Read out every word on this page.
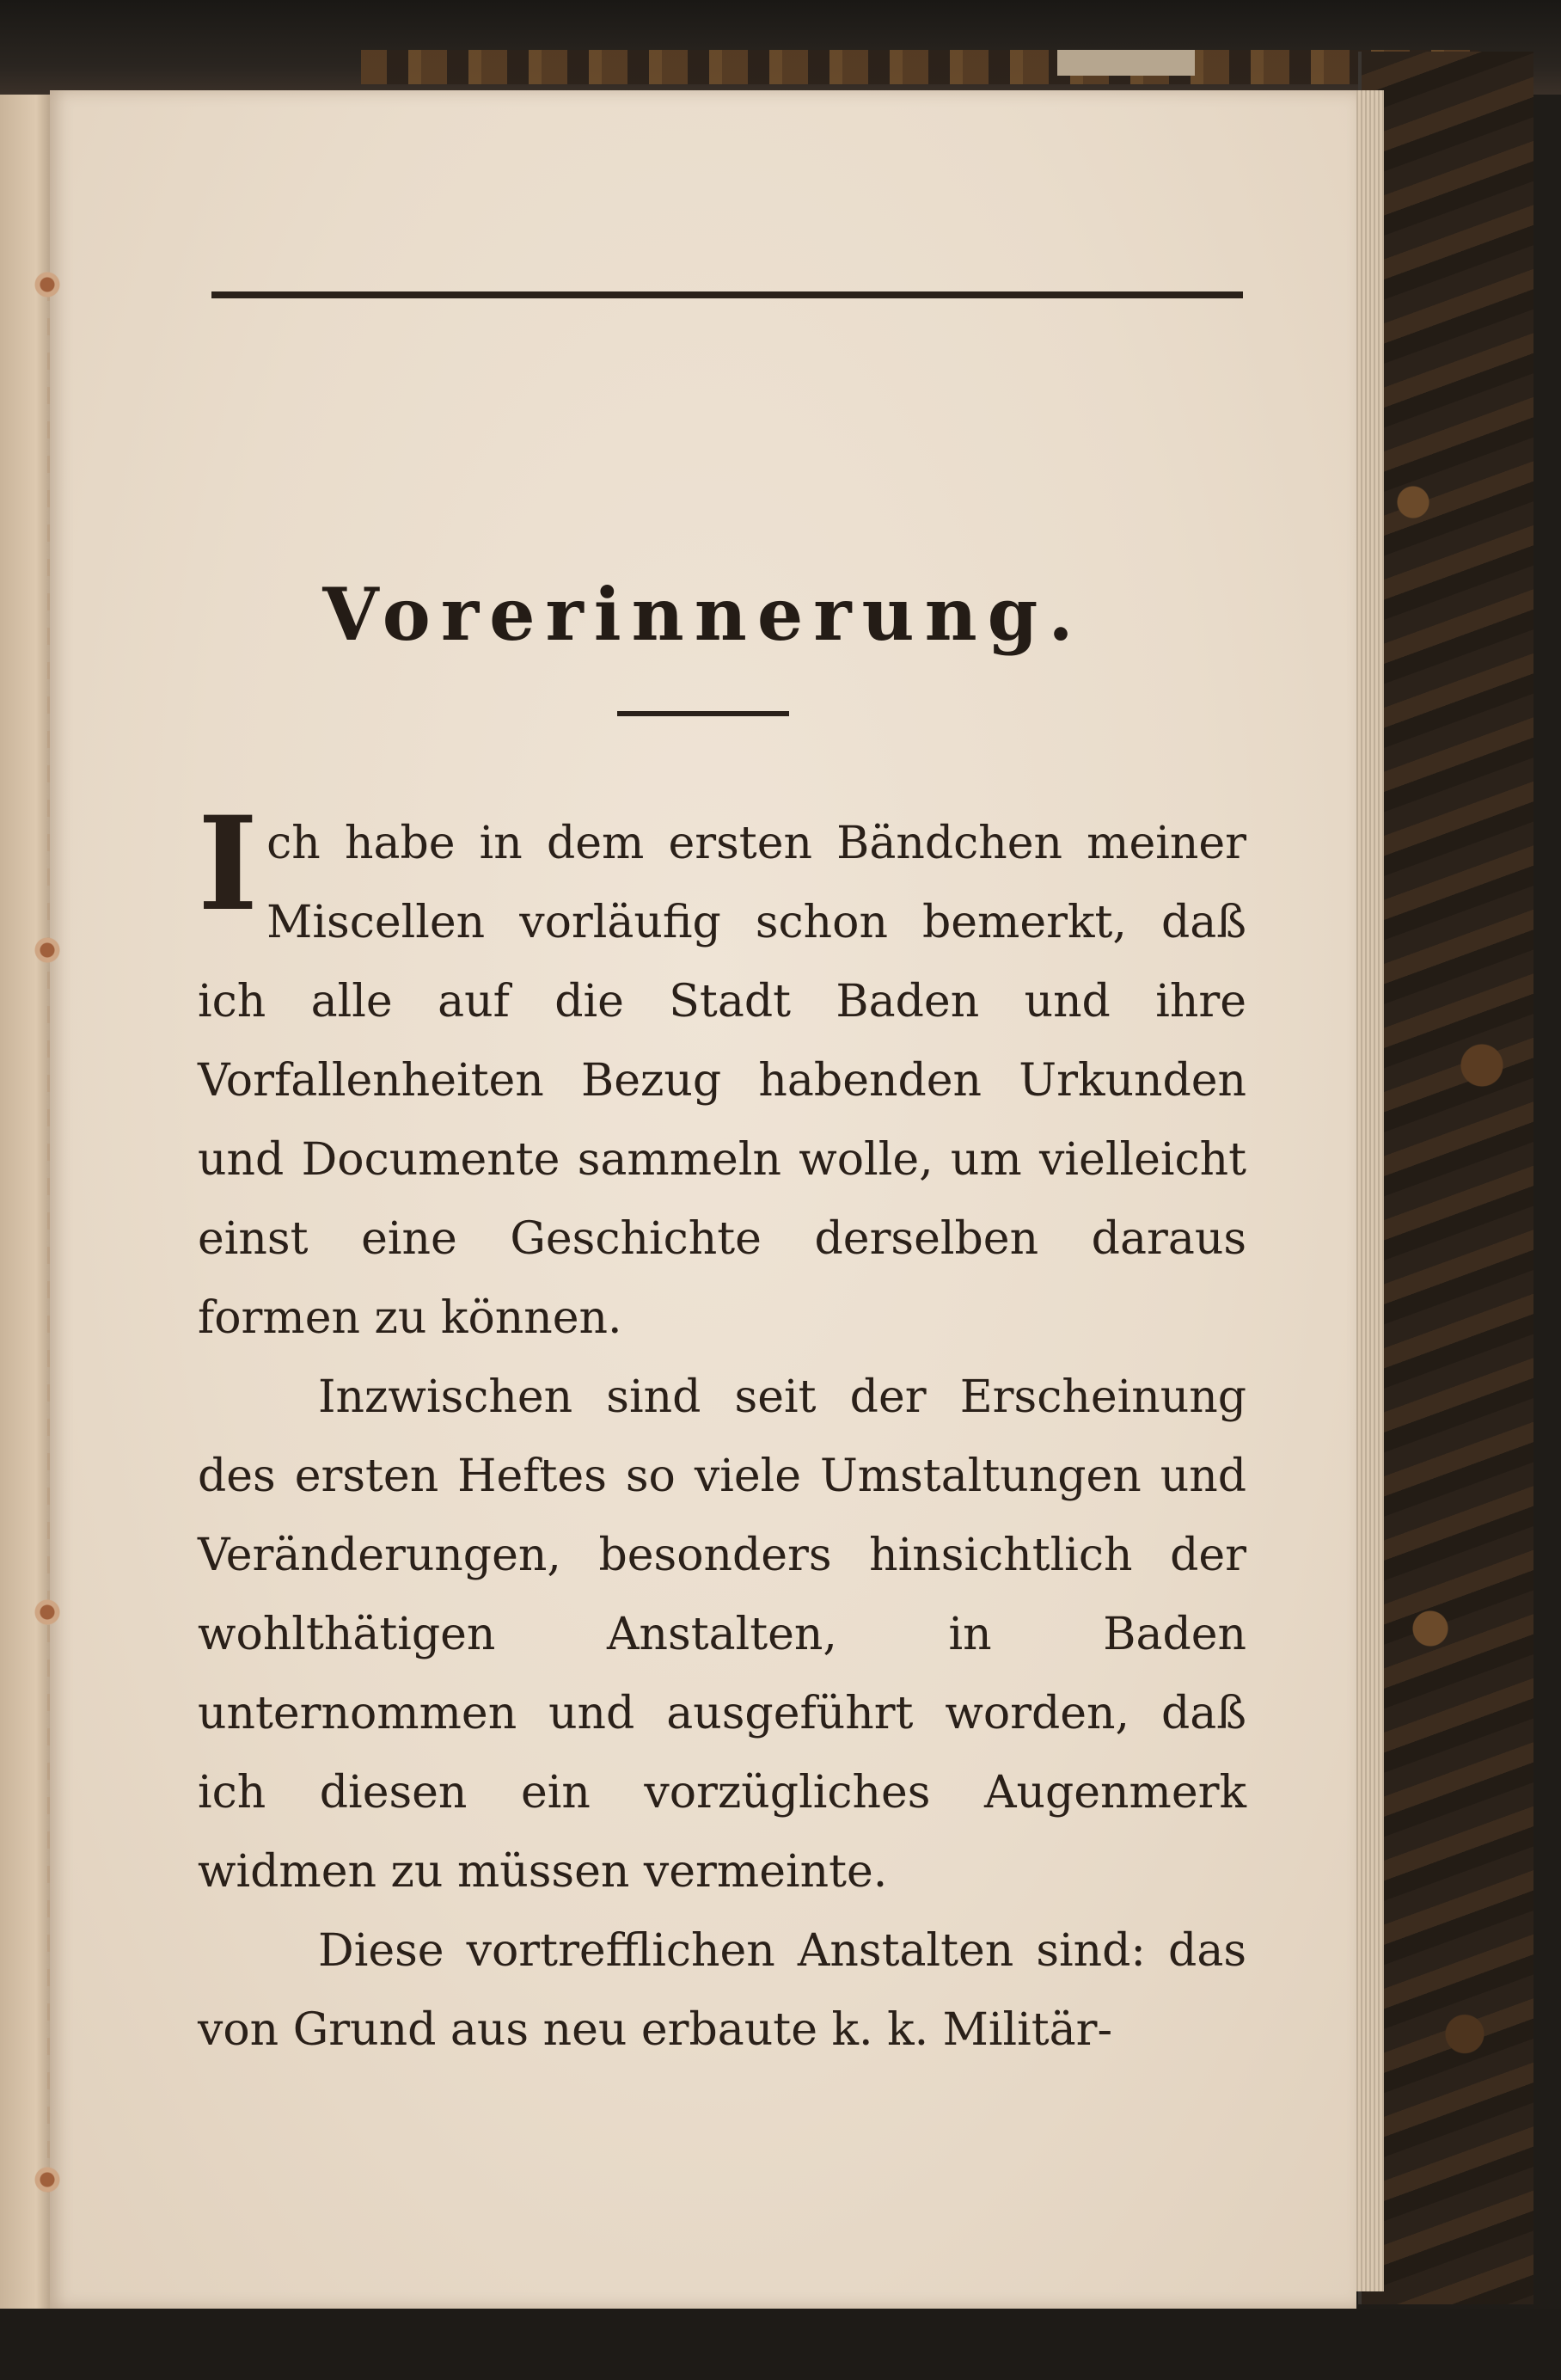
Vorerinnerung.

Ich habe in dem ersten Bändchen meiner Miscellen vorläufig schon bemerkt, daß ich alle auf die Stadt Baden und ihre Vorfallenheiten Bezug habenden Urkunden und Documente sammeln wolle, um vielleicht einst eine Geschichte derselben daraus formen zu können.

Inzwischen sind seit der Erscheinung des ersten Heftes so viele Umstaltungen und Veränderungen, besonders hinsichtlich der wohlthätigen Anstalten, in Baden unternommen und ausgeführt worden, daß ich diesen ein vorzügliches Augenmerk widmen zu müssen vermeinte.

Diese vortrefflichen Anstalten sind: das von Grund aus neu erbaute k. k. Militär-
